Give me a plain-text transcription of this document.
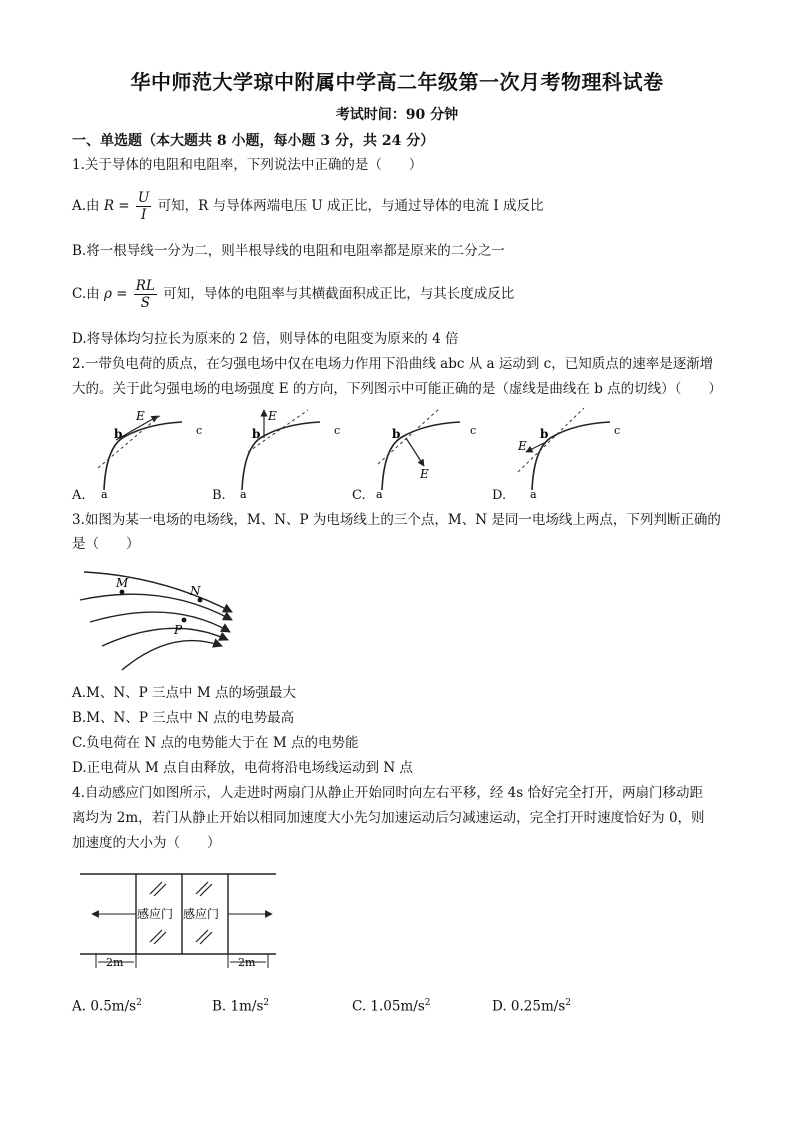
华中师范大学琼中附属中学高二年级第一次月考物理科试卷
考试时间：90 分钟
一、单选题（本大题共 8 小题，每小题 3 分，共 24 分）
1.关于导体的电阻和电阻率，下列说法中正确的是（　　）
A.由 $R = \frac{U}{I}$ 可知，R 与导体两端电压 U 成正比，与通过导体的电流 I 成反比
B.将一根导线一分为二，则半根导线的电阻和电阻率都是原来的二分之一
C.由 $\rho = \frac{RL}{S}$ 可知，导体的电阻率与其横截面积成正比，与其长度成反比
D.将导体均匀拉长为原来的 2 倍，则导体的电阻变为原来的 4 倍
2.一带负电荷的质点，在匀强电场中仅在电场力作用下沿曲线 abc 从 a 运动到 c，已知质点的速率是逐渐增
大的。关于此匀强电场的电场强度 E 的方向，下列图示中可能正确的是（虚线是曲线在 b 点的切线）（　　）
E
b	c
a
E
b	c
a
E
b	c
a
E
b	c
a
A.	B.	C.	D.
3.如图为某一电场的电场线，M、N、P 为电场线上的三个点，M、N 是同一电场线上两点，下列判断正确的
是（　　）
M
N
P
A.M、N、P 三点中 M 点的场强最大
B.M、N、P 三点中 N 点的电势最高
C.负电荷在 N 点的电势能大于在 M 点的电势能
D.正电荷从 M 点自由释放，电荷将沿电场线运动到 N 点
4.自动感应门如图所示，人走进时两扇门从静止开始同时向左右平移，经 4s 恰好完全打开，两扇门移动距
离均为 2m，若门从静止开始以相同加速度大小先匀加速运动后匀减速运动，完全打开时速度恰好为 0，则
加速度的大小为（　　）
感应门 感应门
2m	2m
A. $0.5m/s^2$	B. $1m/s^2$	C. $1.05m/s^2$	D. $0.25m/s^2$
